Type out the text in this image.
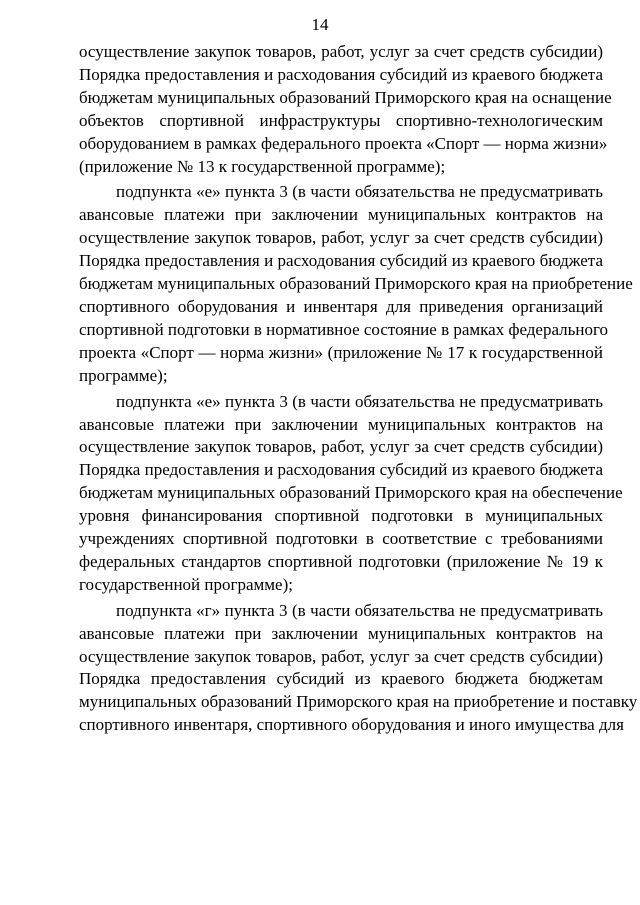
14
осуществление закупок товаров, работ, услуг за счет средств субсидии)
Порядка предоставления и расходования субсидий из краевого бюджета
бюджетам муниципальных образований Приморского края на оснащение
объектов спортивной инфраструктуры спортивно-технологическим
оборудованием в рамках федерального проекта «Спорт — норма жизни»
(приложение № 13 к государственной программе);
подпункта «е» пункта 3 (в части обязательства не предусматривать
авансовые платежи при заключении муниципальных контрактов на
осуществление закупок товаров, работ, услуг за счет средств субсидии)
Порядка предоставления и расходования субсидий из краевого бюджета
бюджетам муниципальных образований Приморского края на приобретение
спортивного оборудования и инвентаря для приведения организаций
спортивной подготовки в нормативное состояние в рамках федерального
проекта «Спорт — норма жизни» (приложение № 17 к государственной
программе);
подпункта «е» пункта 3 (в части обязательства не предусматривать
авансовые платежи при заключении муниципальных контрактов на
осуществление закупок товаров, работ, услуг за счет средств субсидии)
Порядка предоставления и расходования субсидий из краевого бюджета
бюджетам муниципальных образований Приморского края на обеспечение
уровня финансирования спортивной подготовки в муниципальных
учреждениях спортивной подготовки в соответствие с требованиями
федеральных стандартов спортивной подготовки (приложение № 19 к
государственной программе);
подпункта «г» пункта 3 (в части обязательства не предусматривать
авансовые платежи при заключении муниципальных контрактов на
осуществление закупок товаров, работ, услуг за счет средств субсидии)
Порядка предоставления субсидий из краевого бюджета бюджетам
муниципальных образований Приморского края на приобретение и поставку
спортивного инвентаря, спортивного оборудования и иного имущества для
